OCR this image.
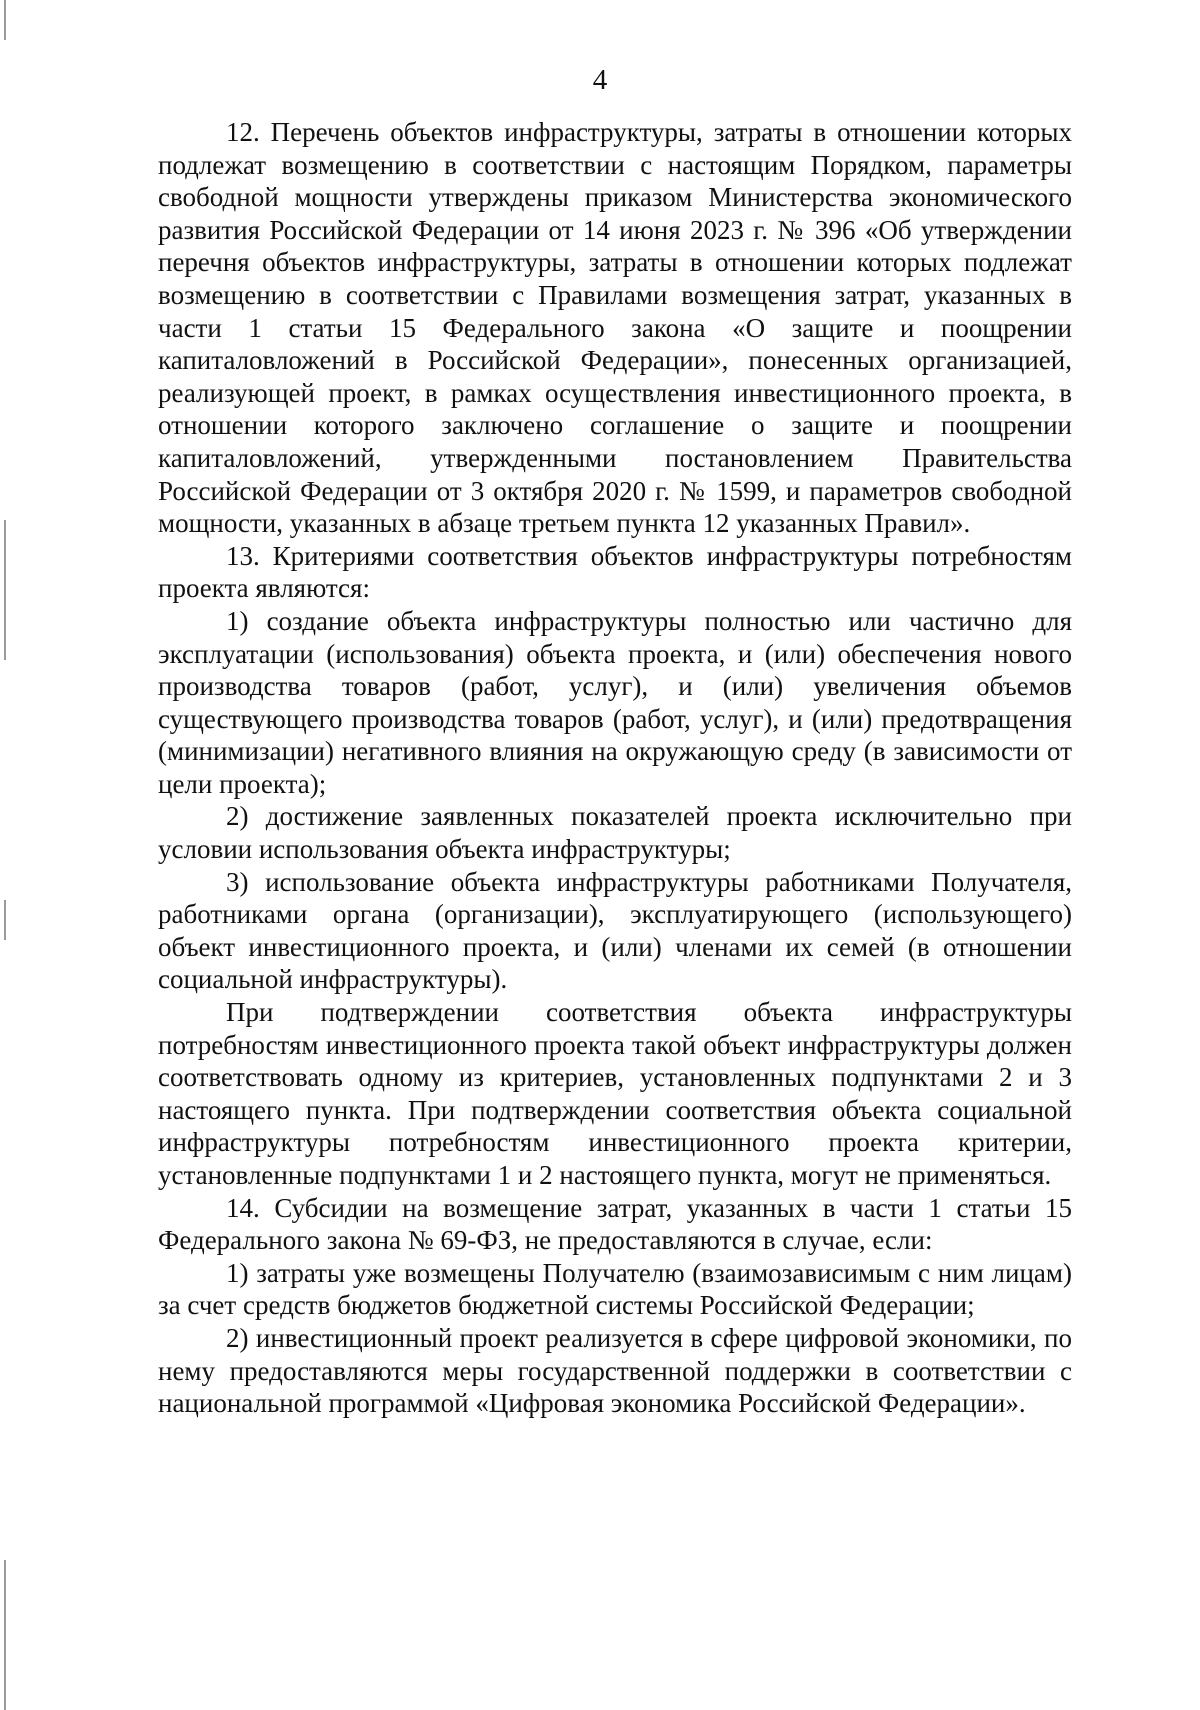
4

12. Перечень объектов инфраструктуры, затраты в отношении которых подлежат возмещению в соответствии с настоящим Порядком, параметры свободной мощности утверждены приказом Министерства экономического развития Российской Федерации от 14 июня 2023 г. № 396 «Об утверждении перечня объектов инфраструктуры, затраты в отношении которых подлежат возмещению в соответствии с Правилами возмещения затрат, указанных в части 1 статьи 15 Федерального закона «О защите и поощрении капиталовложений в Российской Федерации», понесенных организацией, реализующей проект, в рамках осуществления инвестиционного проекта, в отношении которого заключено соглашение о защите и поощрении капиталовложений, утвержденными постановлением Правительства Российской Федерации от 3 октября 2020 г. № 1599, и параметров свободной мощности, указанных в абзаце третьем пункта 12 указанных Правил».

13. Критериями соответствия объектов инфраструктуры потребностям проекта являются:

1) создание объекта инфраструктуры полностью или частично для эксплуатации (использования) объекта проекта, и (или) обеспечения нового производства товаров (работ, услуг), и (или) увеличения объемов существующего производства товаров (работ, услуг), и (или) предотвращения (минимизации) негативного влияния на окружающую среду (в зависимости от цели проекта);

2) достижение заявленных показателей проекта исключительно при условии использования объекта инфраструктуры;

3) использование объекта инфраструктуры работниками Получателя, работниками органа (организации), эксплуатирующего (использующего) объект инвестиционного проекта, и (или) членами их семей (в отношении социальной инфраструктуры).

При подтверждении соответствия объекта инфраструктуры потребностям инвестиционного проекта такой объект инфраструктуры должен соответствовать одному из критериев, установленных подпунктами 2 и 3 настоящего пункта. При подтверждении соответствия объекта социальной инфраструктуры потребностям инвестиционного проекта критерии, установленные подпунктами 1 и 2 настоящего пункта, могут не применяться.

14. Субсидии на возмещение затрат, указанных в части 1 статьи 15 Федерального закона № 69-ФЗ, не предоставляются в случае, если:

1) затраты уже возмещены Получателю (взаимозависимым с ним лицам) за счет средств бюджетов бюджетной системы Российской Федерации;

2) инвестиционный проект реализуется в сфере цифровой экономики, по нему предоставляются меры государственной поддержки в соответствии с национальной программой «Цифровая экономика Российской Федерации».
